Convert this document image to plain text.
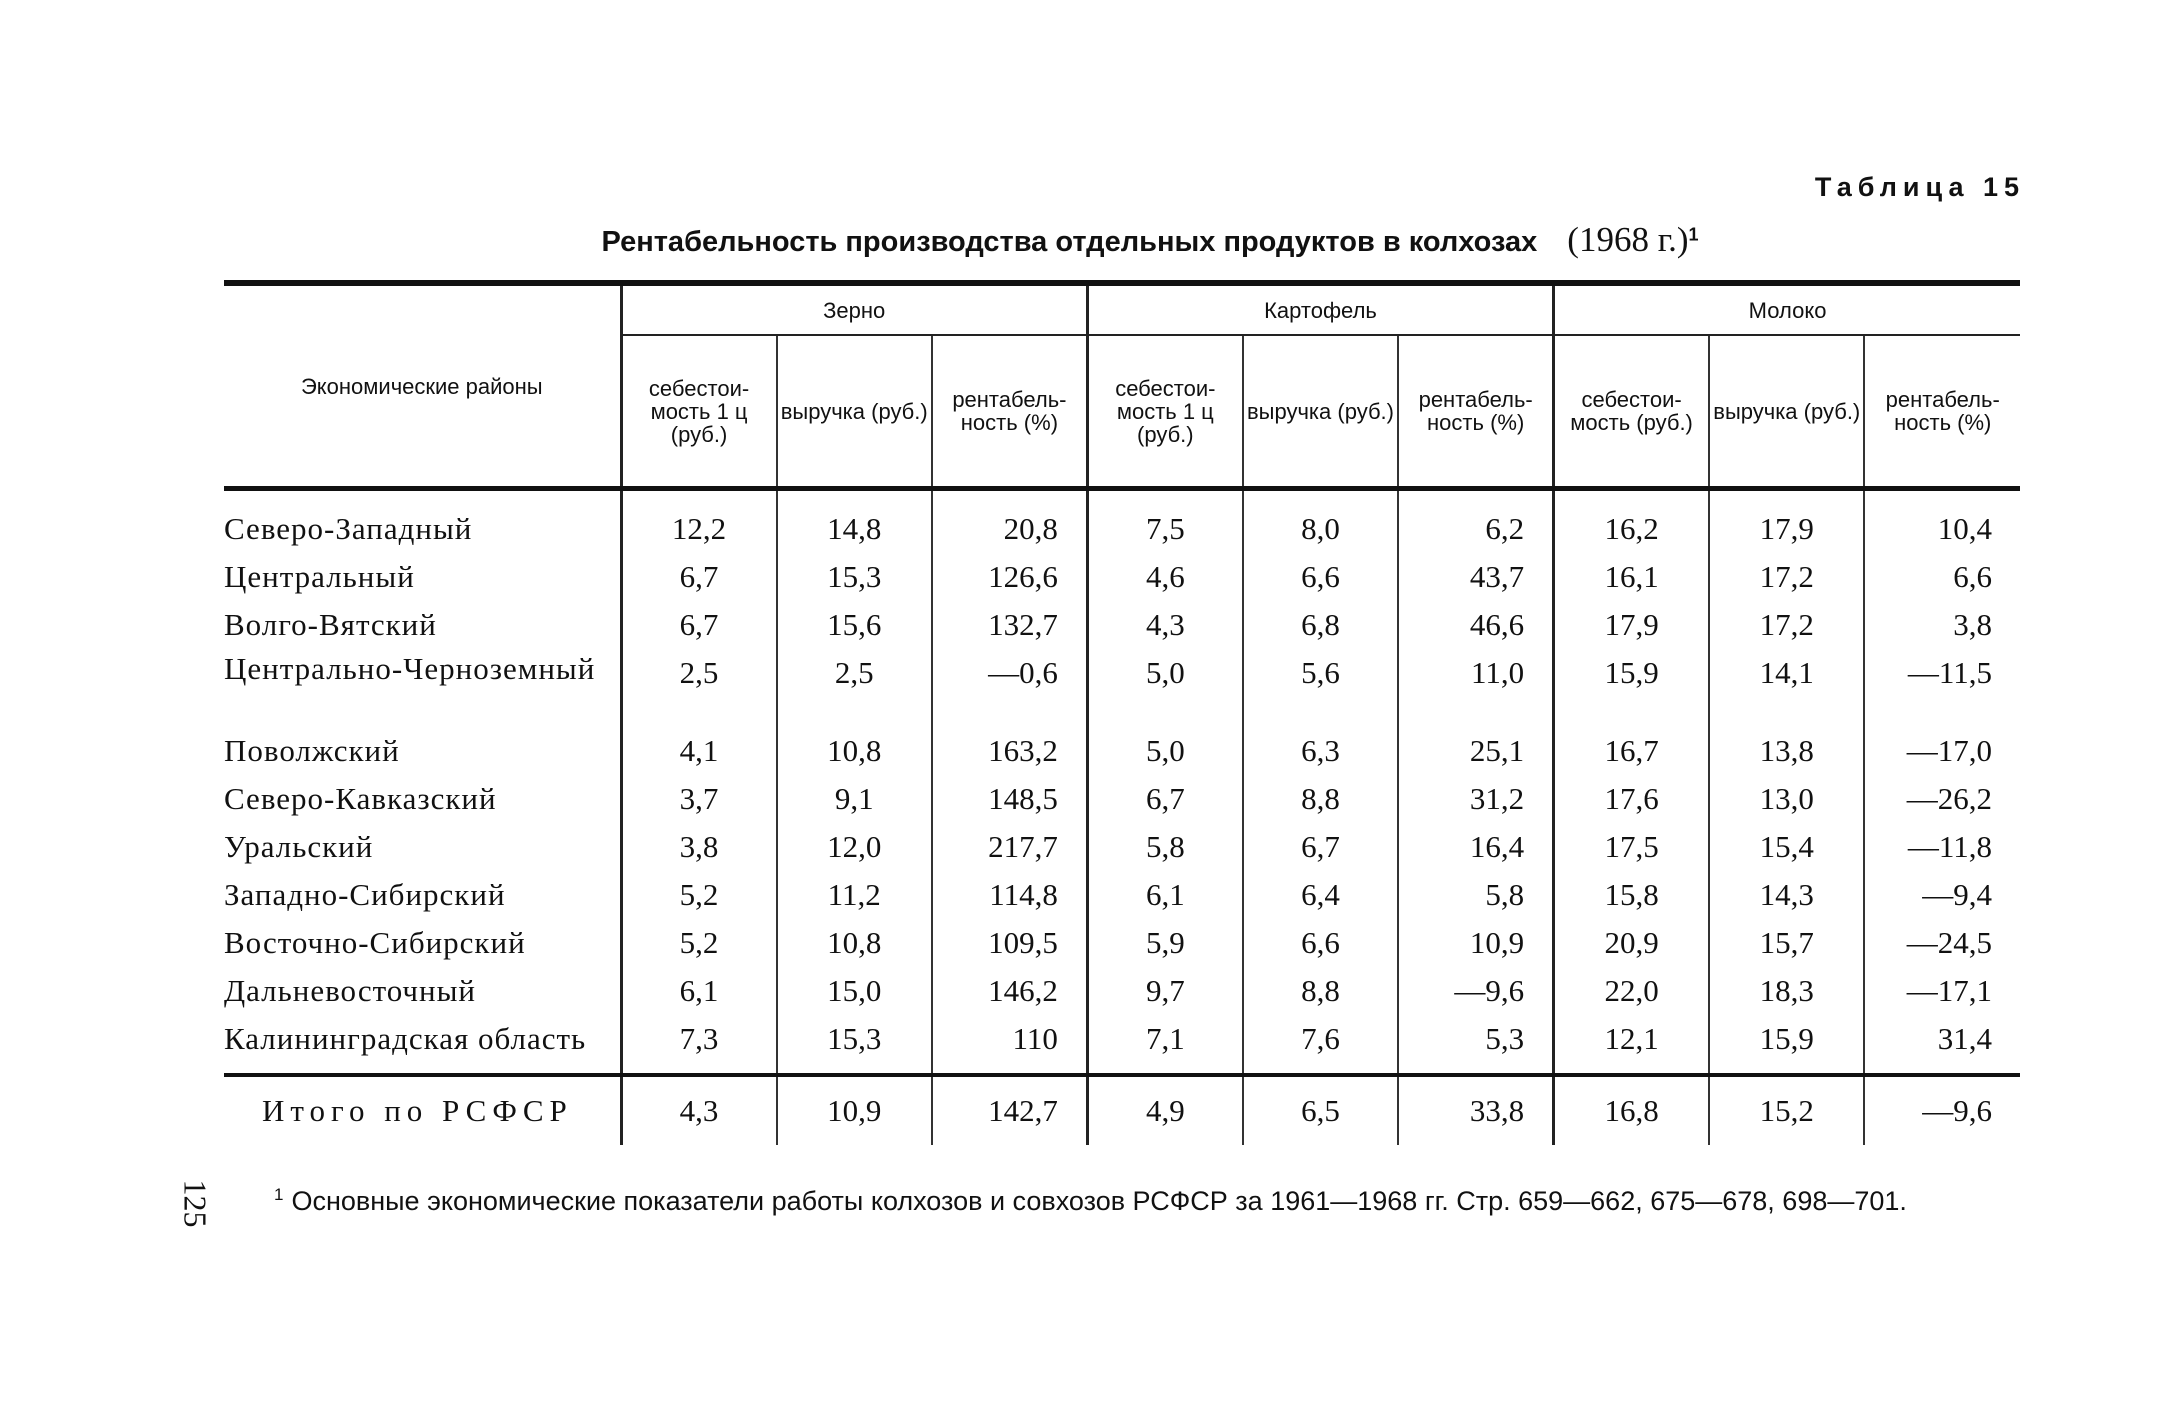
Таблица 15
Рентабельность производства отдельных продуктов в колхозах (1968 г.)$^1$
Экономические районы	Зерно			Картофель			Молоко		
	себестои-мость 1 ц (руб.)	выручка (руб.)	рентабель-ность (%)	себестои-мость 1 ц (руб.)	выручка (руб.)	рентабель-ность (%)	себестои-мость (руб.)	выручка (руб.)	рентабель-ность (%)

Северо-Западный	12,2	14,8	20,8	7,5	8,0	6,2	16,2	17,9	10,4
Центральный	6,7	15,3	126,6	4,6	6,6	43,7	16,1	17,2	6,6
Волго-Вятский	6,7	15,6	132,7	4,3	6,8	46,6	17,9	17,2	3,8
Центрально-Черноземный	2,5	2,5	—0,6	5,0	5,6	11,0	15,9	14,1	—11,5
Поволжский	4,1	10,8	163,2	5,0	6,3	25,1	16,7	13,8	—17,0
Северо-Кавказский	3,7	9,1	148,5	6,7	8,8	31,2	17,6	13,0	—26,2
Уральский	3,8	12,0	217,7	5,8	6,7	16,4	17,5	15,4	—11,8
Западно-Сибирский	5,2	11,2	114,8	6,1	6,4	5,8	15,8	14,3	—9,4
Восточно-Сибирский	5,2	10,8	109,5	5,9	6,6	10,9	20,9	15,7	—24,5
Дальневосточный	6,1	15,0	146,2	9,7	8,8	—9,6	22,0	18,3	—17,1
Калининградская область	7,3	15,3	110	7,1	7,6	5,3	12,1	15,9	31,4
Итого по РСФСР	4,3	10,9	142,7	4,9	6,5	33,8	16,8	15,2	—9,6
125	$^1$ Основные экономические показатели работы колхозов и совхозов РСФСР за 1961—1968 гг. Стр. 659—662, 675—678, 698—701.
